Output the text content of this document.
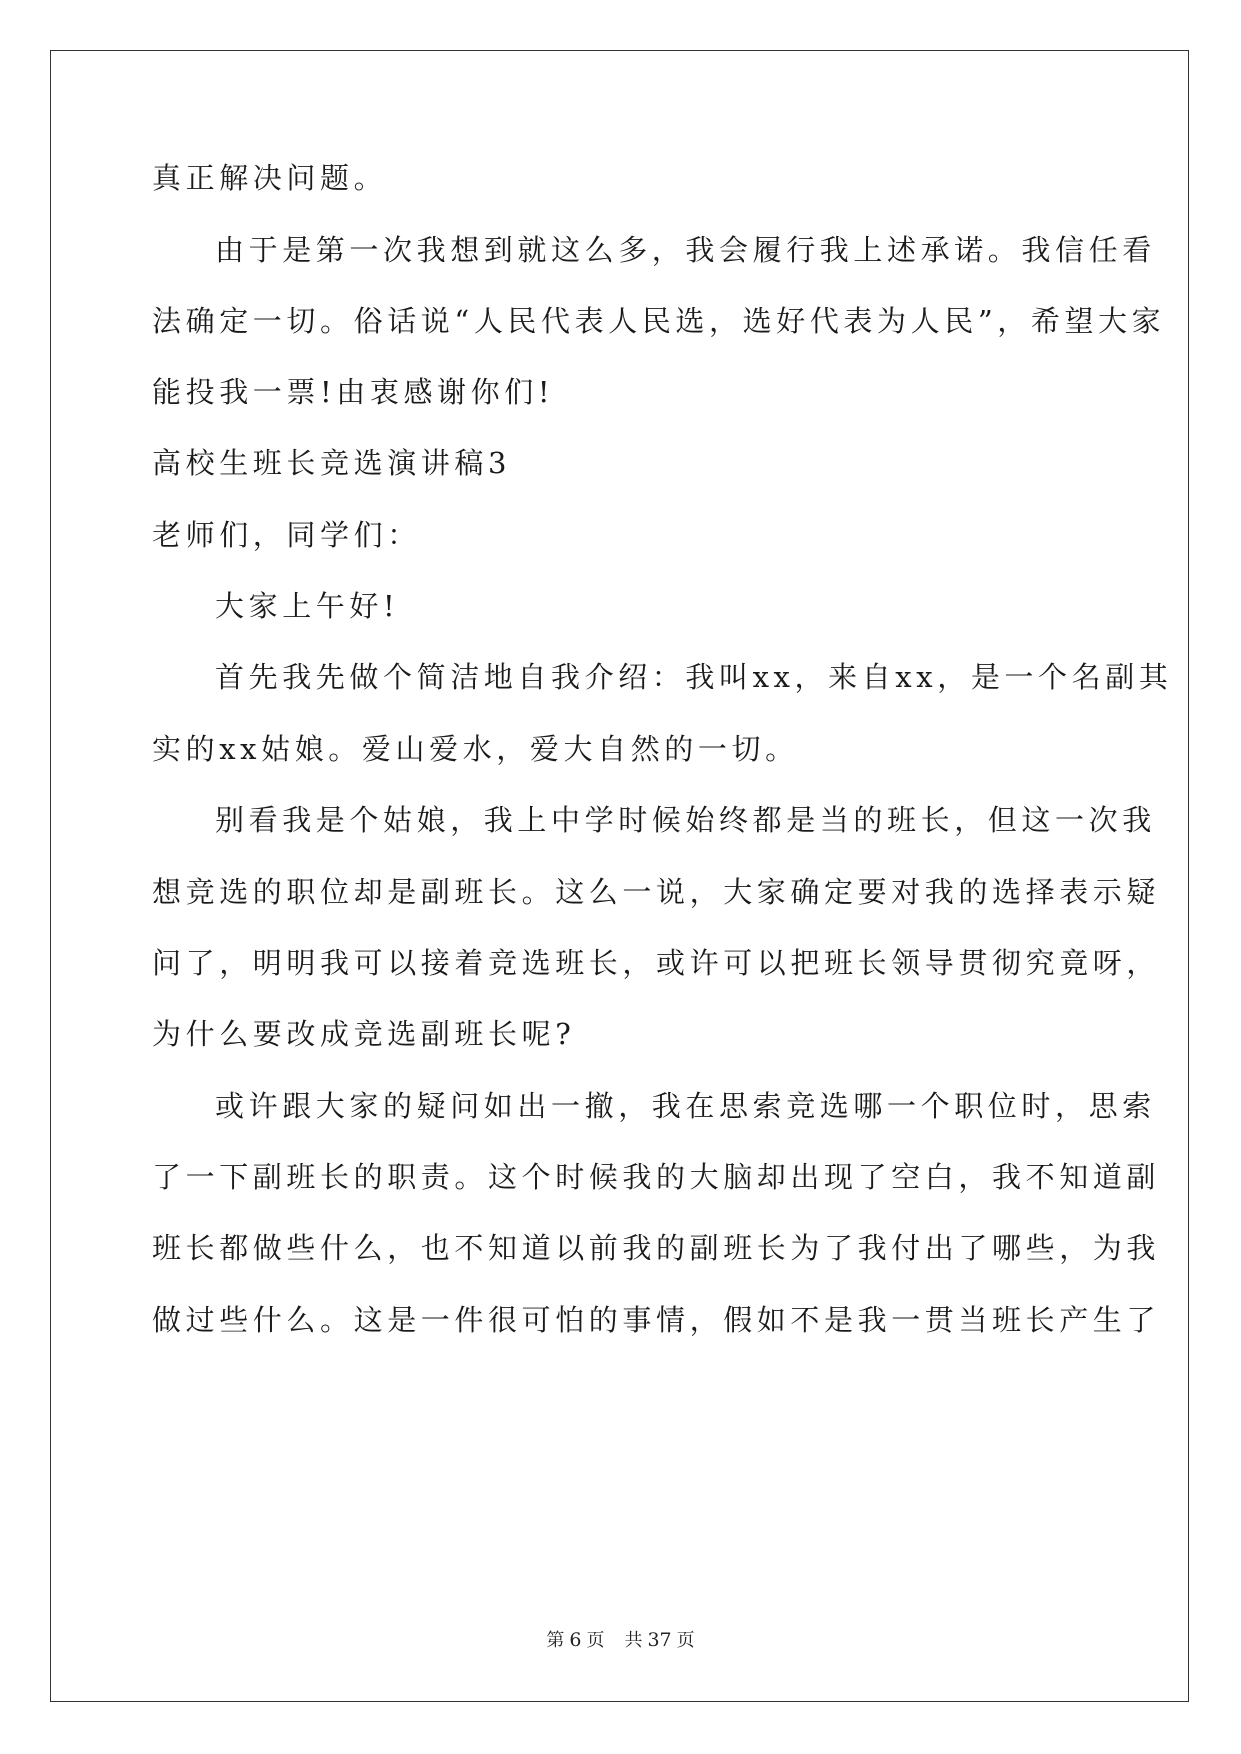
真正解决问题。
由于是第一次我想到就这么多，我会履行我上述承诺。我信任看
法确定一切。俗话说“人民代表人民选，选好代表为人民”，希望大家
能投我一票!由衷感谢你们!
高校生班长竞选演讲稿3
老师们，同学们：
大家上午好!
首先我先做个简洁地自我介绍：我叫xx，来自xx，是一个名副其
实的xx姑娘。爱山爱水，爱大自然的一切。
别看我是个姑娘，我上中学时候始终都是当的班长，但这一次我
想竞选的职位却是副班长。这么一说，大家确定要对我的选择表示疑
问了，明明我可以接着竞选班长，或许可以把班长领导贯彻究竟呀，
为什么要改成竞选副班长呢?
或许跟大家的疑问如出一撤，我在思索竞选哪一个职位时，思索
了一下副班长的职责。这个时候我的大脑却出现了空白，我不知道副
班长都做些什么，也不知道以前我的副班长为了我付出了哪些，为我
做过些什么。这是一件很可怕的事情，假如不是我一贯当班长产生了
第 6 页 共 37 页
